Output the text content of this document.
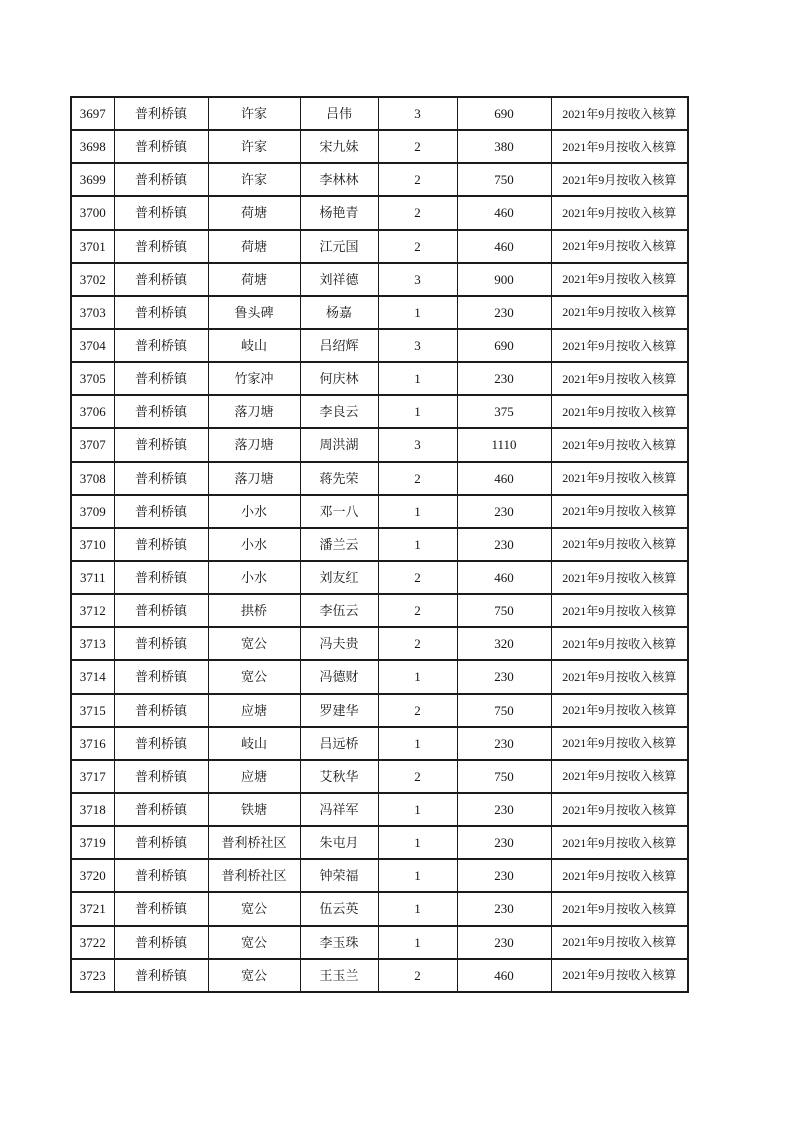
3697	普利桥镇	许家	吕伟	3	690	2021年9月按收入核算
3698	普利桥镇	许家	宋九妹	2	380	2021年9月按收入核算
3699	普利桥镇	许家	李林林	2	750	2021年9月按收入核算
3700	普利桥镇	荷塘	杨艳青	2	460	2021年9月按收入核算
3701	普利桥镇	荷塘	江元国	2	460	2021年9月按收入核算
3702	普利桥镇	荷塘	刘祥德	3	900	2021年9月按收入核算
3703	普利桥镇	鲁头碑	杨嘉	1	230	2021年9月按收入核算
3704	普利桥镇	岐山	吕绍辉	3	690	2021年9月按收入核算
3705	普利桥镇	竹家冲	何庆林	1	230	2021年9月按收入核算
3706	普利桥镇	落刀塘	李良云	1	375	2021年9月按收入核算
3707	普利桥镇	落刀塘	周洪湖	3	1110	2021年9月按收入核算
3708	普利桥镇	落刀塘	蒋先荣	2	460	2021年9月按收入核算
3709	普利桥镇	小水	邓一八	1	230	2021年9月按收入核算
3710	普利桥镇	小水	潘兰云	1	230	2021年9月按收入核算
3711	普利桥镇	小水	刘友红	2	460	2021年9月按收入核算
3712	普利桥镇	拱桥	李伍云	2	750	2021年9月按收入核算
3713	普利桥镇	宽公	冯夫贵	2	320	2021年9月按收入核算
3714	普利桥镇	宽公	冯德财	1	230	2021年9月按收入核算
3715	普利桥镇	应塘	罗建华	2	750	2021年9月按收入核算
3716	普利桥镇	岐山	吕远桥	1	230	2021年9月按收入核算
3717	普利桥镇	应塘	艾秋华	2	750	2021年9月按收入核算
3718	普利桥镇	铁塘	冯祥军	1	230	2021年9月按收入核算
3719	普利桥镇	普利桥社区	朱屯月	1	230	2021年9月按收入核算
3720	普利桥镇	普利桥社区	钟荣福	1	230	2021年9月按收入核算
3721	普利桥镇	宽公	伍云英	1	230	2021年9月按收入核算
3722	普利桥镇	宽公	李玉珠	1	230	2021年9月按收入核算
3723	普利桥镇	宽公	王玉兰	2	460	2021年9月按收入核算
